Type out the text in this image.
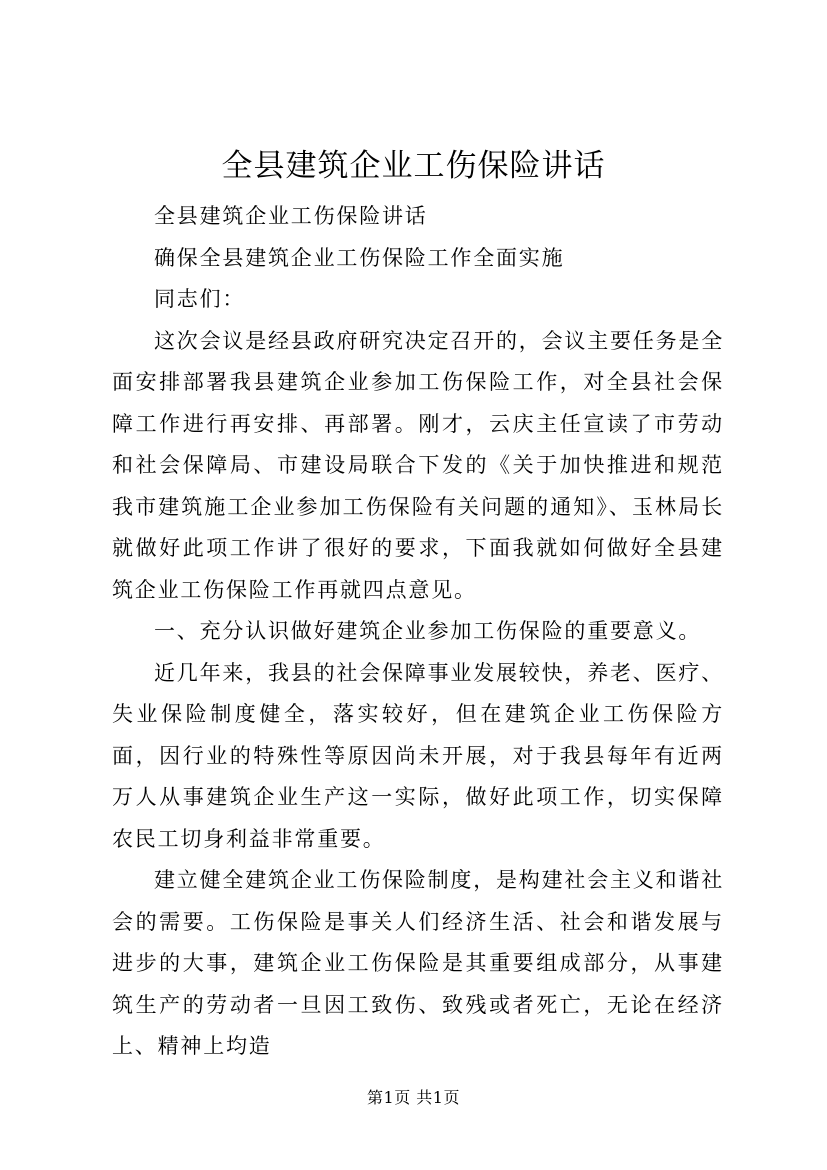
全县建筑企业工伤保险讲话

全县建筑企业工伤保险讲话

确保全县建筑企业工伤保险工作全面实施

同志们：

这次会议是经县政府研究决定召开的，会议主要任务是全面安排部署我县建筑企业参加工伤保险工作，对全县社会保障工作进行再安排、再部署。刚才，云庆主任宣读了市劳动和社会保障局、市建设局联合下发的《关于加快推进和规范我市建筑施工企业参加工伤保险有关问题的通知》、玉林局长就做好此项工作讲了很好的要求，下面我就如何做好全县建筑企业工伤保险工作再就四点意见。

一、充分认识做好建筑企业参加工伤保险的重要意义。

近几年来，我县的社会保障事业发展较快，养老、医疗、失业保险制度健全，落实较好，但在建筑企业工伤保险方面，因行业的特殊性等原因尚未开展，对于我县每年有近两万人从事建筑企业生产这一实际，做好此项工作，切实保障农民工切身利益非常重要。

建立健全建筑企业工伤保险制度，是构建社会主义和谐社会的需要。工伤保险是事关人们经济生活、社会和谐发展与进步的大事，建筑企业工伤保险是其重要组成部分，从事建筑生产的劳动者一旦因工致伤、致残或者死亡，无论在经济上、精神上均造

第1页 共1页
